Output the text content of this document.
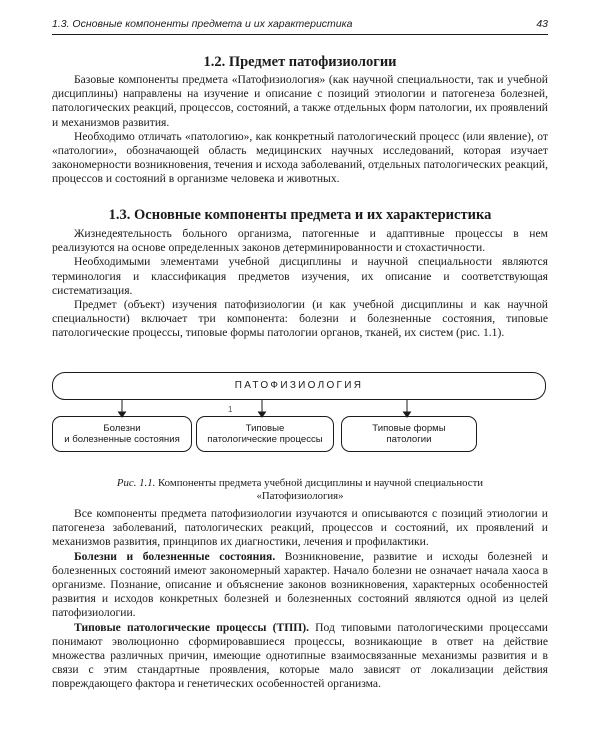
1.3. Основные компоненты предмета и их характеристика	43
1.2. Предмет патофизиологии

Базовые компоненты предмета «Патофизиология» (как научной специальности, так и учебной дисциплины) направлены на изучение и описание с позиций этиологии и патогенеза болезней, патологических реакций, процессов, состояний, а также отдельных форм патологии, их проявлений и механизмов развития.

Необходимо отличать «патологию», как конкретный патологический процесс (или явление), от «патологии», обозначающей область медицинских научных исследований, которая изучает закономерности возникновения, течения и исхода заболеваний, отдельных патологических реакций, процессов и состояний в организме человека и животных.

1.3. Основные компоненты предмета и их характеристика

Жизнедеятельность больного организма, патогенные и адаптивные процессы в нем реализуются на основе определенных законов детерминированности и стохастичности.

Необходимыми элементами учебной дисциплины и научной специальности являются терминология и классификация предметов изучения, их описание и соответствующая систематизация.

Предмет (объект) изучения патофизиологии (и как учебной дисциплины и как научной специальности) включает три компонента: болезни и болезненные состояния, типовые патологические процессы, типовые формы патологии органов, тканей, их систем (рис. 1.1).

1
ПАТОФИЗИОЛОГИЯ
Болезни
и болезненные состояния
Типовые
патологические процессы
Типовые формы
патологии
Рис. 1.1. Компоненты предмета учебной дисциплины и научной специальности
«Патофизиология»

Все компоненты предмета патофизиологии изучаются и описываются с позиций этиологии и патогенеза заболеваний, патологических реакций, процессов и состояний, их проявлений и механизмов развития, принципов их диагностики, лечения и профилактики.

Болезни и болезненные состояния. Возникновение, развитие и исходы болезней и болезненных состояний имеют закономерный характер. Начало болезни не означает начала хаоса в организме. Познание, описание и объяснение законов возникновения, характерных особенностей развития и исходов конкретных болезней и болезненных состояний являются одной из целей патофизиологии.

Типовые патологические процессы (ТПП). Под типовыми патологическими процессами понимают эволюционно сформировавшиеся процессы, возникающие в ответ на действие множества различных причин, имеющие однотипные взаимосвязанные механизмы развития и в связи с этим стандартные проявления, которые мало зависят от локализации действия повреждающего фактора и генетических особенностей организма.
